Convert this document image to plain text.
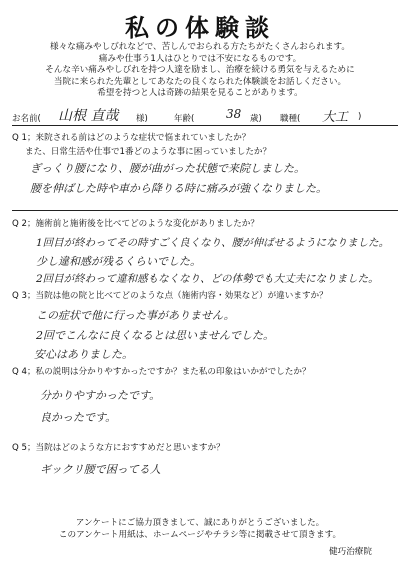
私の体験談
様々な痛みやしびれなどで、苦しんでおられる方たちがたくさんおられます。
痛みや仕事う1人はひとりでは不安になるものです。
そんな辛い痛みやしびれを持つ人達を励まし、治療を続ける勇気を与えるために
当院に来られた先輩としてあなたの良くなられた体験談をお話しください。
希望を持つと人は奇跡の結果を見ることがあります。
お名前( 山根 直哉 様)	年齢(	38 歳) 職種( 大工 )
Q 1；来院される前はどのような症状で悩まれていましたか？
また、日常生活や仕事で1番どのような事に困っていましたか？
ぎっくり腰になり、腰が曲がった状態で来院しました。
腰を伸ばした時や車から降りる時に痛みが強くなりました。
Q 2；施術前と施術後を比べてどのような変化がありましたか？
1回目が終わってその時すごく良くなり、腰が伸ばせるようになりました。
少し違和感が残るくらいでした。
2回目が終わって違和感もなくなり、どの体勢でも大丈夫になりました。
Q 3；当院は他の院と比べてどのような点（施術内容・効果など）が違いますか？
この症状で他に行った事がありません。
2回でこんなに良くなるとは思いませんでした。
安心はありました。
Q 4；私の説明は分かりやすかったですか？また私の印象はいかがでしたか？
分かりやすかったです。
良かったです。
Q 5；当院はどのような方におすすめだと思いますか？
ギックリ腰で困ってる人
アンケートにご協力頂きまして、誠にありがとうございました。
このアンケート用紙は、ホームページやチラシ等に掲載させて頂きます。
健巧治療院
